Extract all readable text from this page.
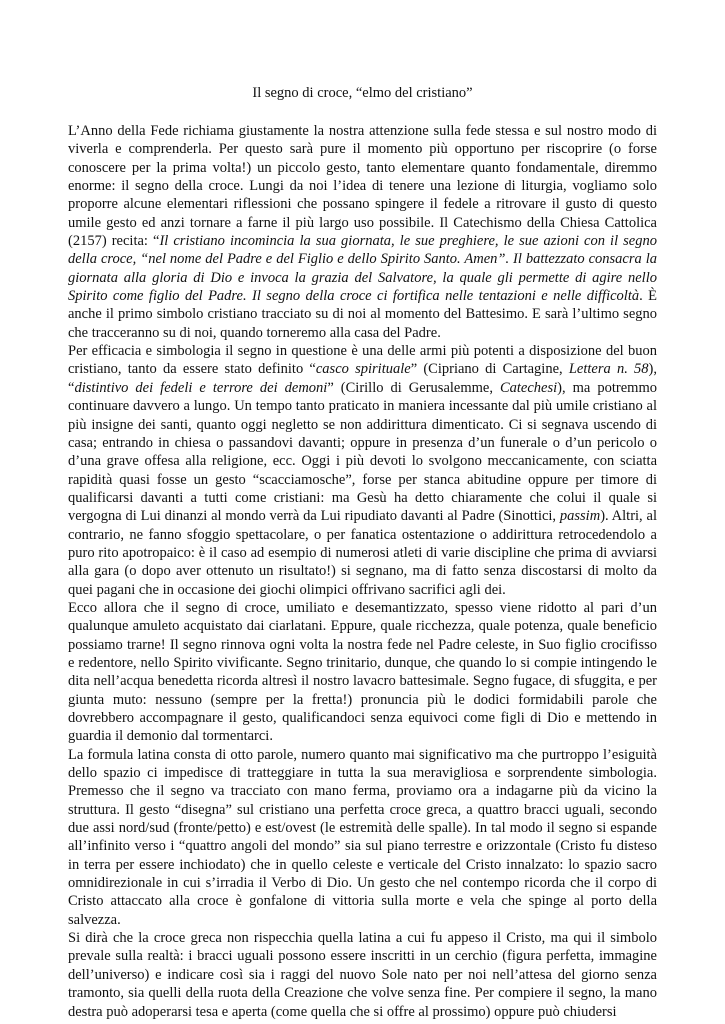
Il segno di croce, “elmo del cristiano”

L’Anno della Fede richiama giustamente la nostra attenzione sulla fede stessa e sul nostro modo di viverla e comprenderla. Per questo sarà pure il momento più opportuno per riscoprire (o forse conoscere per la prima volta!) un piccolo gesto, tanto elementare quanto fondamentale, diremmo enorme: il segno della croce. Lungi da noi l’idea di tenere una lezione di liturgia, vogliamo solo proporre alcune elementari riflessioni che possano spingere il fedele a ritrovare il gusto di questo umile gesto ed anzi tornare a farne il più largo uso possibile. Il Catechismo della Chiesa Cattolica (2157) recita: “Il cristiano incomincia la sua giornata, le sue preghiere, le sue azioni con il segno della croce, “nel nome del Padre e del Figlio e dello Spirito Santo. Amen”. Il battezzato consacra la giornata alla gloria di Dio e invoca la grazia del Salvatore, la quale gli permette di agire nello Spirito come figlio del Padre. Il segno della croce ci fortifica nelle tentazioni e nelle difficoltà. È anche il primo simbolo cristiano tracciato su di noi al momento del Battesimo. E sarà l’ultimo segno che tracceranno su di noi, quando torneremo alla casa del Padre.

Per efficacia e simbologia il segno in questione è una delle armi più potenti a disposizione del buon cristiano, tanto da essere stato definito “casco spirituale” (Cipriano di Cartagine, Lettera n. 58), “distintivo dei fedeli e terrore dei demoni” (Cirillo di Gerusalemme, Catechesi), ma potremmo continuare davvero a lungo. Un tempo tanto praticato in maniera incessante dal più umile cristiano al più insigne dei santi, quanto oggi negletto se non addirittura dimenticato. Ci si segnava uscendo di casa; entrando in chiesa o passandovi davanti; oppure in presenza d’un funerale o d’un pericolo o d’una grave offesa alla religione, ecc. Oggi i più devoti lo svolgono meccanicamente, con sciatta rapidità quasi fosse un gesto “scacciamosche”, forse per stanca abitudine oppure per timore di qualificarsi davanti a tutti come cristiani: ma Gesù ha detto chiaramente che colui il quale si vergogna di Lui dinanzi al mondo verrà da Lui ripudiato davanti al Padre (Sinottici, passim). Altri, al contrario, ne fanno sfoggio spettacolare, o per fanatica ostentazione o addirittura retrocedendolo a puro rito apotropaico: è il caso ad esempio di numerosi atleti di varie discipline che prima di avviarsi alla gara (o dopo aver ottenuto un risultato!) si segnano, ma di fatto senza discostarsi di molto da quei pagani che in occasione dei giochi olimpici offrivano sacrifici agli dei.

Ecco allora che il segno di croce, umiliato e desemantizzato, spesso viene ridotto al pari d’un qualunque amuleto acquistato dai ciarlatani. Eppure, quale ricchezza, quale potenza, quale beneficio possiamo trarne! Il segno rinnova ogni volta la nostra fede nel Padre celeste, in Suo figlio crocifisso e redentore, nello Spirito vivificante. Segno trinitario, dunque, che quando lo si compie intingendo le dita nell’acqua benedetta ricorda altresì il nostro lavacro battesimale. Segno fugace, di sfuggita, e per giunta muto: nessuno (sempre per la fretta!) pronuncia più le dodici formidabili parole che dovrebbero accompagnare il gesto, qualificandoci senza equivoci come figli di Dio e mettendo in guardia il demonio dal tormentarci.

La formula latina consta di otto parole, numero quanto mai significativo ma che purtroppo l’esiguità dello spazio ci impedisce di tratteggiare in tutta la sua meravigliosa e sorprendente simbologia. Premesso che il segno va tracciato con mano ferma, proviamo ora a indagarne più da vicino la struttura. Il gesto “disegna” sul cristiano una perfetta croce greca, a quattro bracci uguali, secondo due assi nord/sud (fronte/petto) e est/ovest (le estremità delle spalle). In tal modo il segno si espande all’infinito verso i “quattro angoli del mondo” sia sul piano terrestre e orizzontale (Cristo fu disteso in terra per essere inchiodato) che in quello celeste e verticale del Cristo innalzato: lo spazio sacro omnidirezionale in cui s’irradia il Verbo di Dio. Un gesto che nel contempo ricorda che il corpo di Cristo attaccato alla croce è gonfalone di vittoria sulla morte e vela che spinge al porto della salvezza.

Si dirà che la croce greca non rispecchia quella latina a cui fu appeso il Cristo, ma qui il simbolo prevale sulla realtà: i bracci uguali possono essere inscritti in un cerchio (figura perfetta, immagine dell’universo) e indicare così sia i raggi del nuovo Sole nato per noi nell’attesa del giorno senza tramonto, sia quelli della ruota della Creazione che volve senza fine. Per compiere il segno, la mano destra può adoperarsi tesa e aperta (come quella che si offre al prossimo) oppure può chiudersi
